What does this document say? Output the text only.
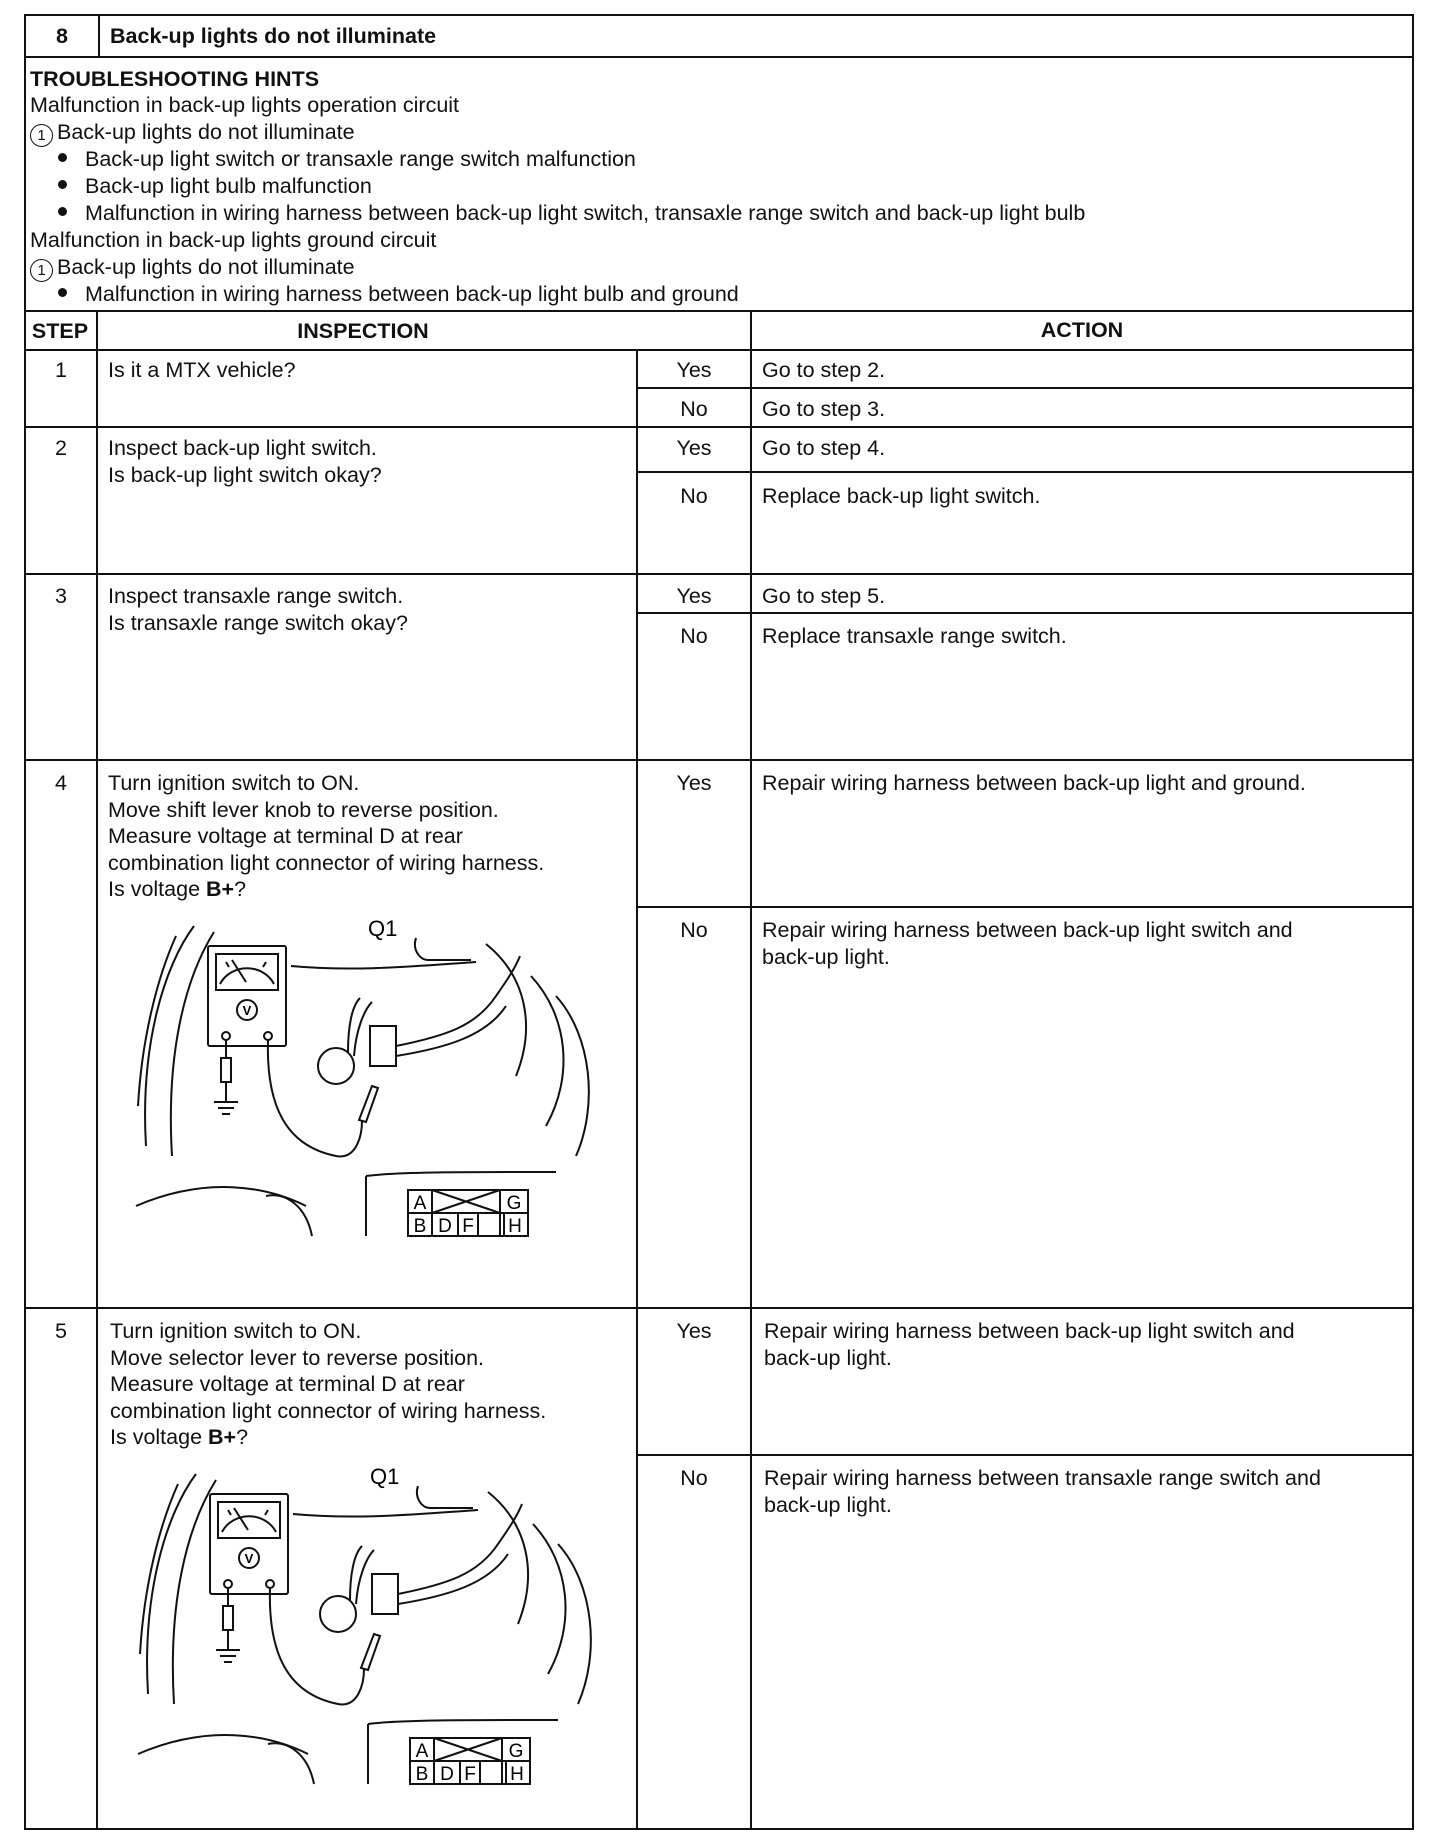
8	Back-up lights do not illuminate
TROUBLESHOOTING HINTS
Malfunction in back-up lights operation circuit
1 Back-up lights do not illuminate
Back-up light switch or transaxle range switch malfunction
Back-up light bulb malfunction
Malfunction in wiring harness between back-up light switch, transaxle range switch and back-up light bulb
Malfunction in back-up lights ground circuit
1 Back-up lights do not illuminate
Malfunction in wiring harness between back-up light bulb and ground
STEP	INSPECTION	ACTION
1	Is it a MTX vehicle?	Yes	Go to step 2.
No	Go to step 3.
2	Inspect back-up light switch.
Is back-up light switch okay?
Yes	Go to step 4.
No	Replace back-up light switch.
3	Inspect transaxle range switch.
Is transaxle range switch okay?
Yes	Go to step 5.
No	Replace transaxle range switch.
4	Turn ignition switch to ON.
Move shift lever knob to reverse position.
Measure voltage at terminal D at rear
combination light connector of wiring harness.
Is voltage B+?
Yes	Repair wiring harness between back-up light and ground.
No	Repair wiring harness between back-up light switch and
back-up light.
V
Q1
A	G
B D F H
5	Turn ignition switch to ON.
Move selector lever to reverse position.
Measure voltage at terminal D at rear
combination light connector of wiring harness.
Is voltage B+?
Yes	Repair wiring harness between back-up light switch and
back-up light.
No	Repair wiring harness between transaxle range switch and
back-up light.
V
Q1
A	G
B D F H
